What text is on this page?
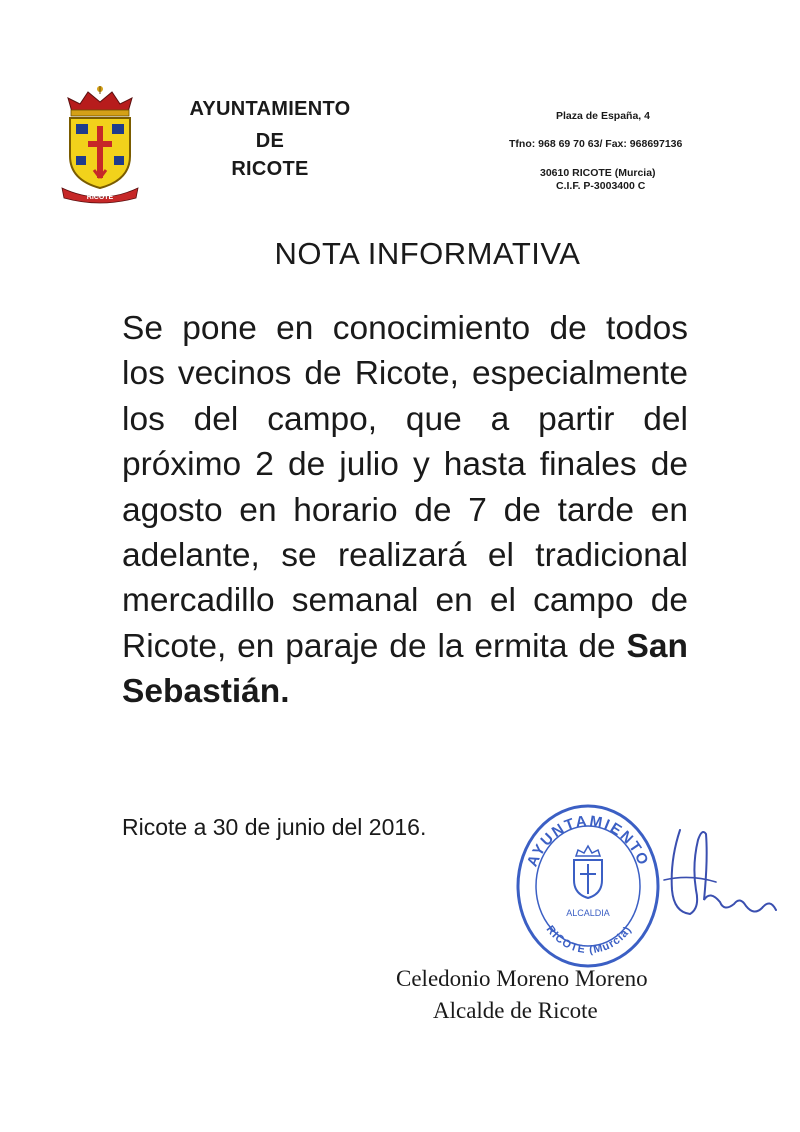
RICOTE
AYUNTAMIENTO
DE
RICOTE
Plaza de España, 4
Tfno: 968 69 70 63/ Fax: 968697136
30610 RICOTE (Murcia)
C.I.F. P-3003400 C
NOTA INFORMATIVA

Se pone en conocimiento de todos los vecinos de Ricote, especialmente los del campo, que a partir del próximo 2 de julio y hasta finales de agosto en horario de 7 de tarde en adelante, se realizará el tradicional mercadillo semanal en el campo de Ricote, en paraje de la ermita de San Sebastián.

Ricote a 30 de junio del 2016.
AYUNTAMIENTO
RICOTE (Murcia)
ALCALDIA
Celedonio Moreno Moreno
Alcalde de Ricote
